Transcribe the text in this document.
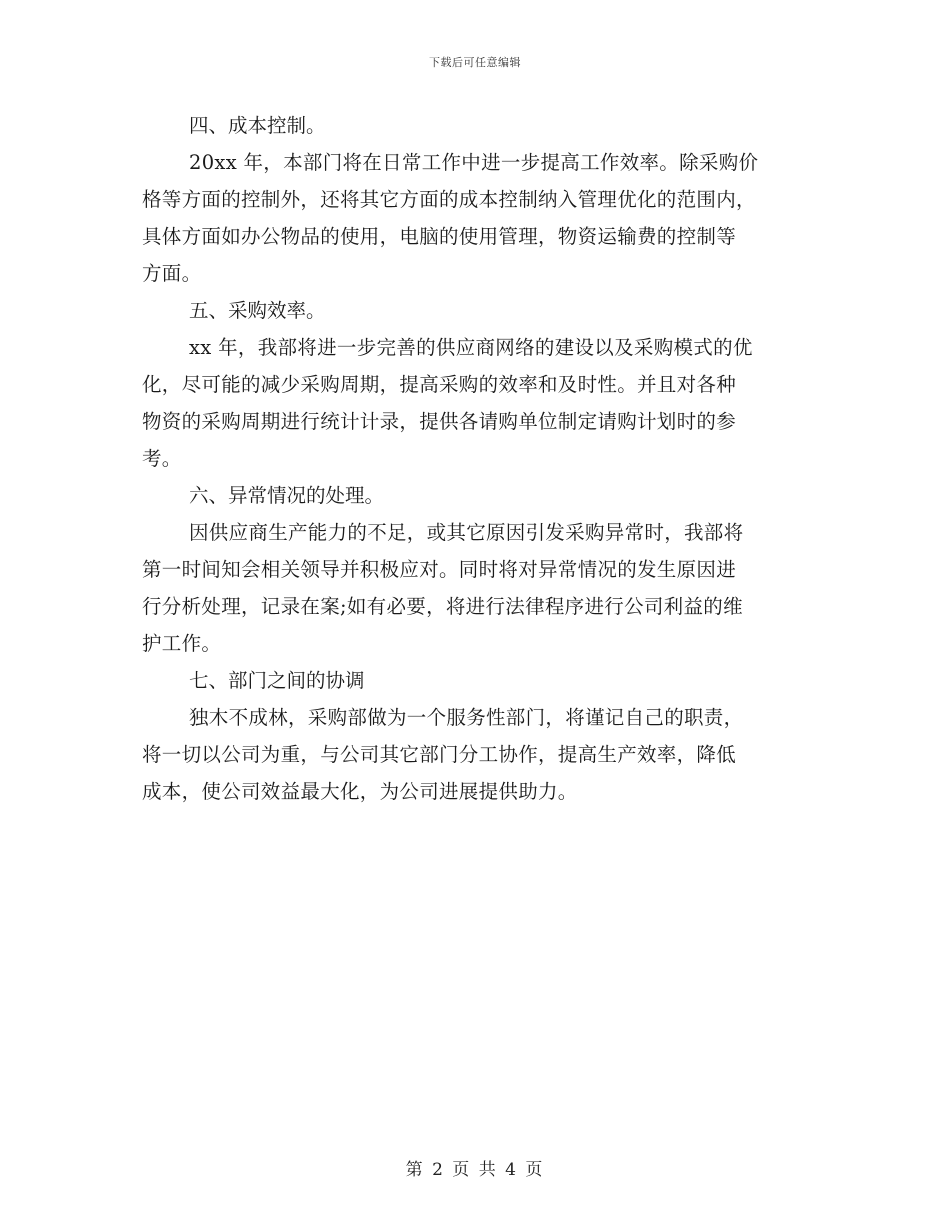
下载后可任意编辑
四、成本控制。
20xx 年，本部门将在日常工作中进一步提高工作效率。除采购价
格等方面的控制外，还将其它方面的成本控制纳入管理优化的范围内，
具体方面如办公物品的使用，电脑的使用管理，物资运输费的控制等
方面。
五、采购效率。
xx 年，我部将进一步完善的供应商网络的建设以及采购模式的优
化，尽可能的减少采购周期，提高采购的效率和及时性。并且对各种
物资的采购周期进行统计计录，提供各请购单位制定请购计划时的参
考。
六、异常情况的处理。
因供应商生产能力的不足，或其它原因引发采购异常时，我部将
第一时间知会相关领导并积极应对。同时将对异常情况的发生原因进
行分析处理，记录在案;如有必要，将进行法律程序进行公司利益的维
护工作。
七、部门之间的协调
独木不成林，采购部做为一个服务性部门，将谨记自己的职责，
将一切以公司为重，与公司其它部门分工协作，提高生产效率，降低
成本，使公司效益最大化，为公司进展提供助力。
第 2 页 共 4 页
